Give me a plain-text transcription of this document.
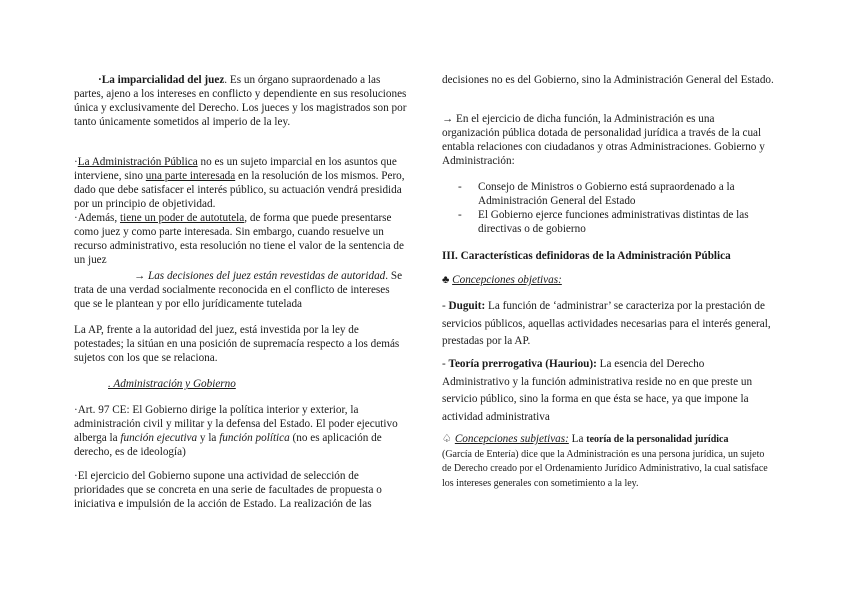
·La imparcialidad del juez. Es un órgano supraordenado a las partes, ajeno a los intereses en conflicto y dependiente en sus resoluciones única y exclusivamente del Derecho. Los jueces y los magistrados son por tanto únicamente sometidos al imperio de la ley.

·La Administración Pública no es un sujeto imparcial en los asuntos que interviene, sino una parte interesada en la resolución de los mismos. Pero, dado que debe satisfacer el interés público, su actuación vendrá presidida por un principio de objetividad.

·Además, tiene un poder de autotutela, de forma que puede presentarse como juez y como parte interesada. Sin embargo, cuando resuelve un recurso administrativo, esta resolución no tiene el valor de la sentencia de un juez

→ Las decisiones del juez están revestidas de autoridad. Se trata de una verdad socialmente reconocida en el conflicto de intereses que se le plantean y por ello jurídicamente tutelada

La AP, frente a la autoridad del juez, está investida por la ley de potestades; la sitúan en una posición de supremacía respecto a los demás sujetos con los que se relaciona.

. Administración y Gobierno

·Art. 97 CE: El Gobierno dirige la política interior y exterior, la administración civil y militar y la defensa del Estado. El poder ejecutivo alberga la función ejecutiva y la función política (no es aplicación de derecho, es de ideología)

·El ejercicio del Gobierno supone una actividad de selección de prioridades que se concreta en una serie de facultades de propuesta o iniciativa e impulsión de la acción de Estado. La realización de las

decisiones no es del Gobierno, sino la Administración General del Estado.

→ En el ejercicio de dicha función, la Administración es una organización pública dotada de personalidad jurídica a través de la cual entabla relaciones con ciudadanos y otras Administraciones. Gobierno y Administración:

- Consejo de Ministros o Gobierno está supraordenado a la Administración General del Estado
- El Gobierno ejerce funciones administrativas distintas de las directivas o de gobierno

III. Características definidoras de la Administración Pública

♣ Concepciones objetivas:

- Duguit: La función de ‘administrar’ se caracteriza por la prestación de servicios públicos, aquellas actividades necesarias para el interés general, prestadas por la AP.

- Teoría prerrogativa (Hauriou): La esencia del Derecho Administrativo y la función administrativa reside no en que preste un servicio público, sino la forma en que ésta se hace, ya que impone la actividad administrativa

♤ Concepciones subjetivas: La teoría de la personalidad jurídica
(García de Entería) dice que la Administración es una persona jurídica, un sujeto de Derecho creado por el Ordenamiento Jurídico Administrativo, la cual satisface los intereses generales con sometimiento a la ley.
